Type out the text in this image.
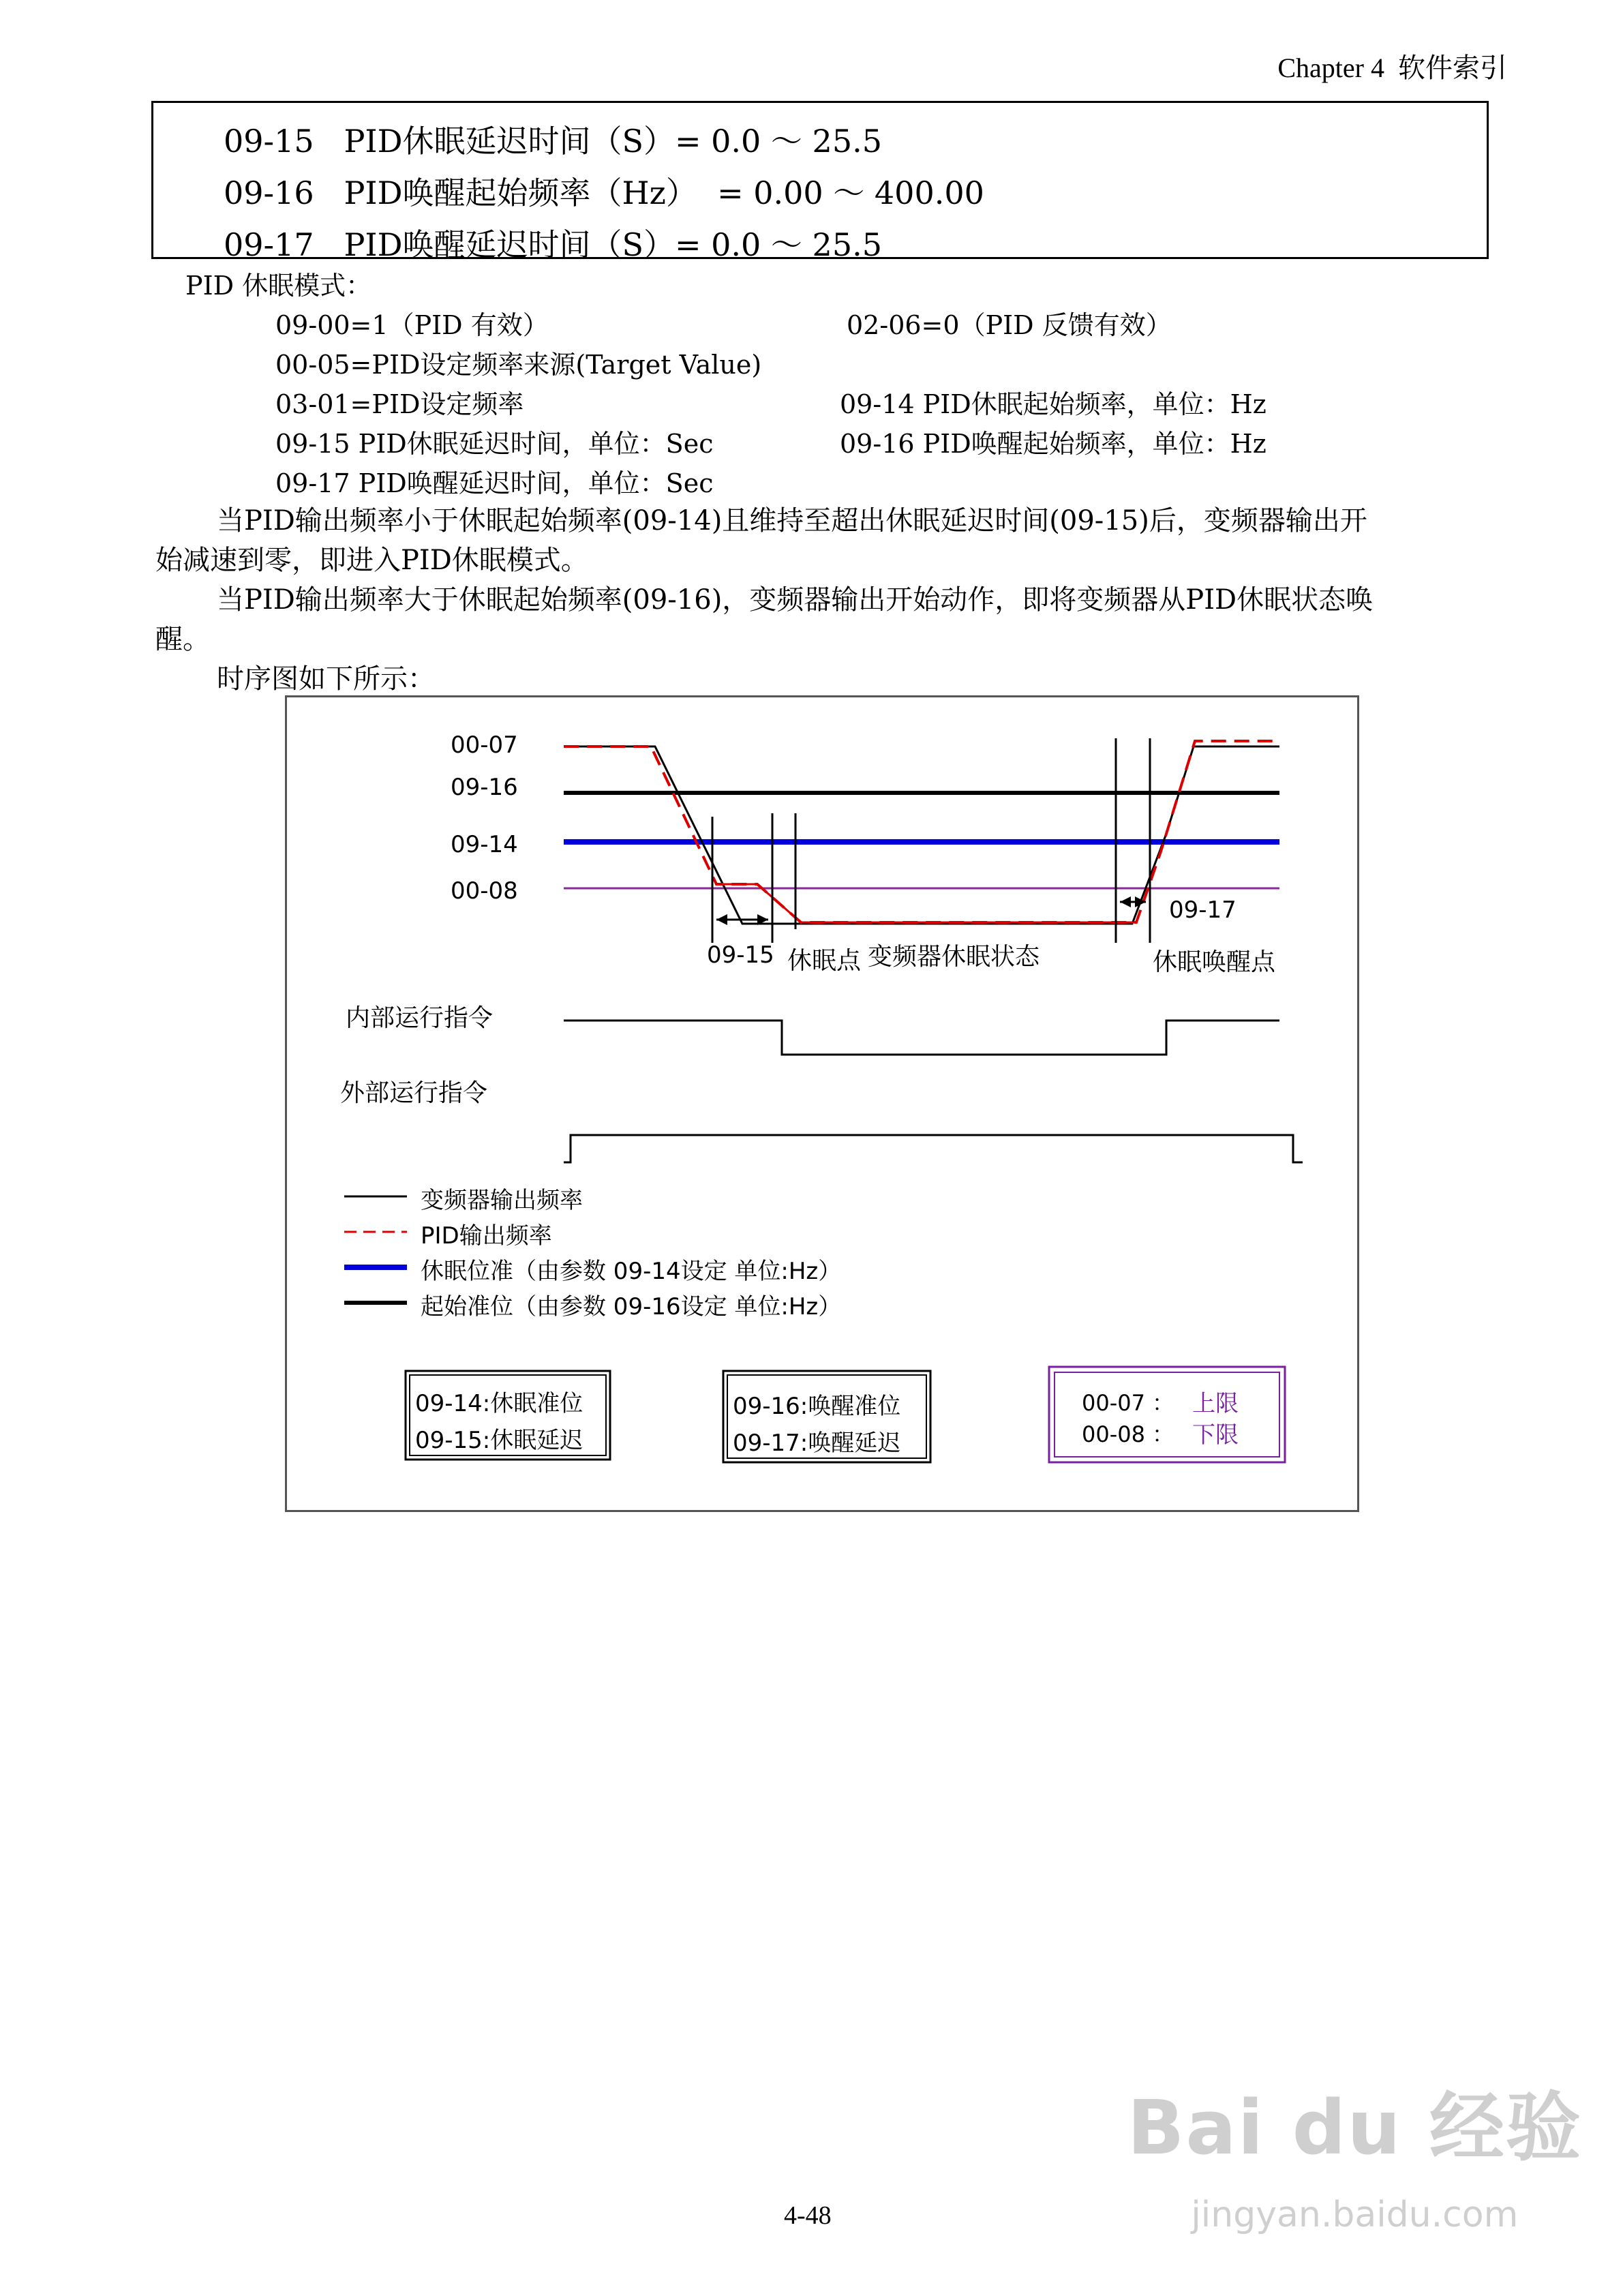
Chapter 4  软件索引
09-15   PID休眠延迟时间（S）= 0.0 ～ 25.5
09-16   PID唤醒起始频率（Hz）  = 0.00 ～ 400.00
09-17   PID唤醒延迟时间（S）= 0.0 ～ 25.5
PID 休眠模式：
09-00=1（PID 有效）	02-06=0（PID 反馈有效）
00-05=PID设定频率来源(Target Value)
03-01=PID设定频率	09-14 PID休眠起始频率，单位：Hz
09-15 PID休眠延迟时间，单位：Sec	09-16 PID唤醒起始频率，单位：Hz
09-17 PID唤醒延迟时间，单位：Sec
当PID输出频率小于休眠起始频率(09-14)且维持至超出休眠延迟时间(09-15)后，变频器输出开
始减速到零，即进入PID休眠模式。
当PID输出频率大于休眠起始频率(09-16)，变频器输出开始动作，即将变频器从PID休眠状态唤
醒。
时序图如下所示：
00-07
09-16
09-14
00-08
09-15 休眠点 变频器休眠状态
09-17
休眠唤醒点
内部运行指令
外部运行指令
变频器输出频率
PID输出频率
休眠位准（由参数 09-14设定 单位:Hz）
起始准位（由参数 09-16设定 单位:Hz）
09-14:休眠准位
09-15:休眠延迟
09-16:唤醒准位
09-17:唤醒延迟
00-07 ： 上限
00-08 ： 下限
4-48

Bai du 经验

jingyan.baidu.com
